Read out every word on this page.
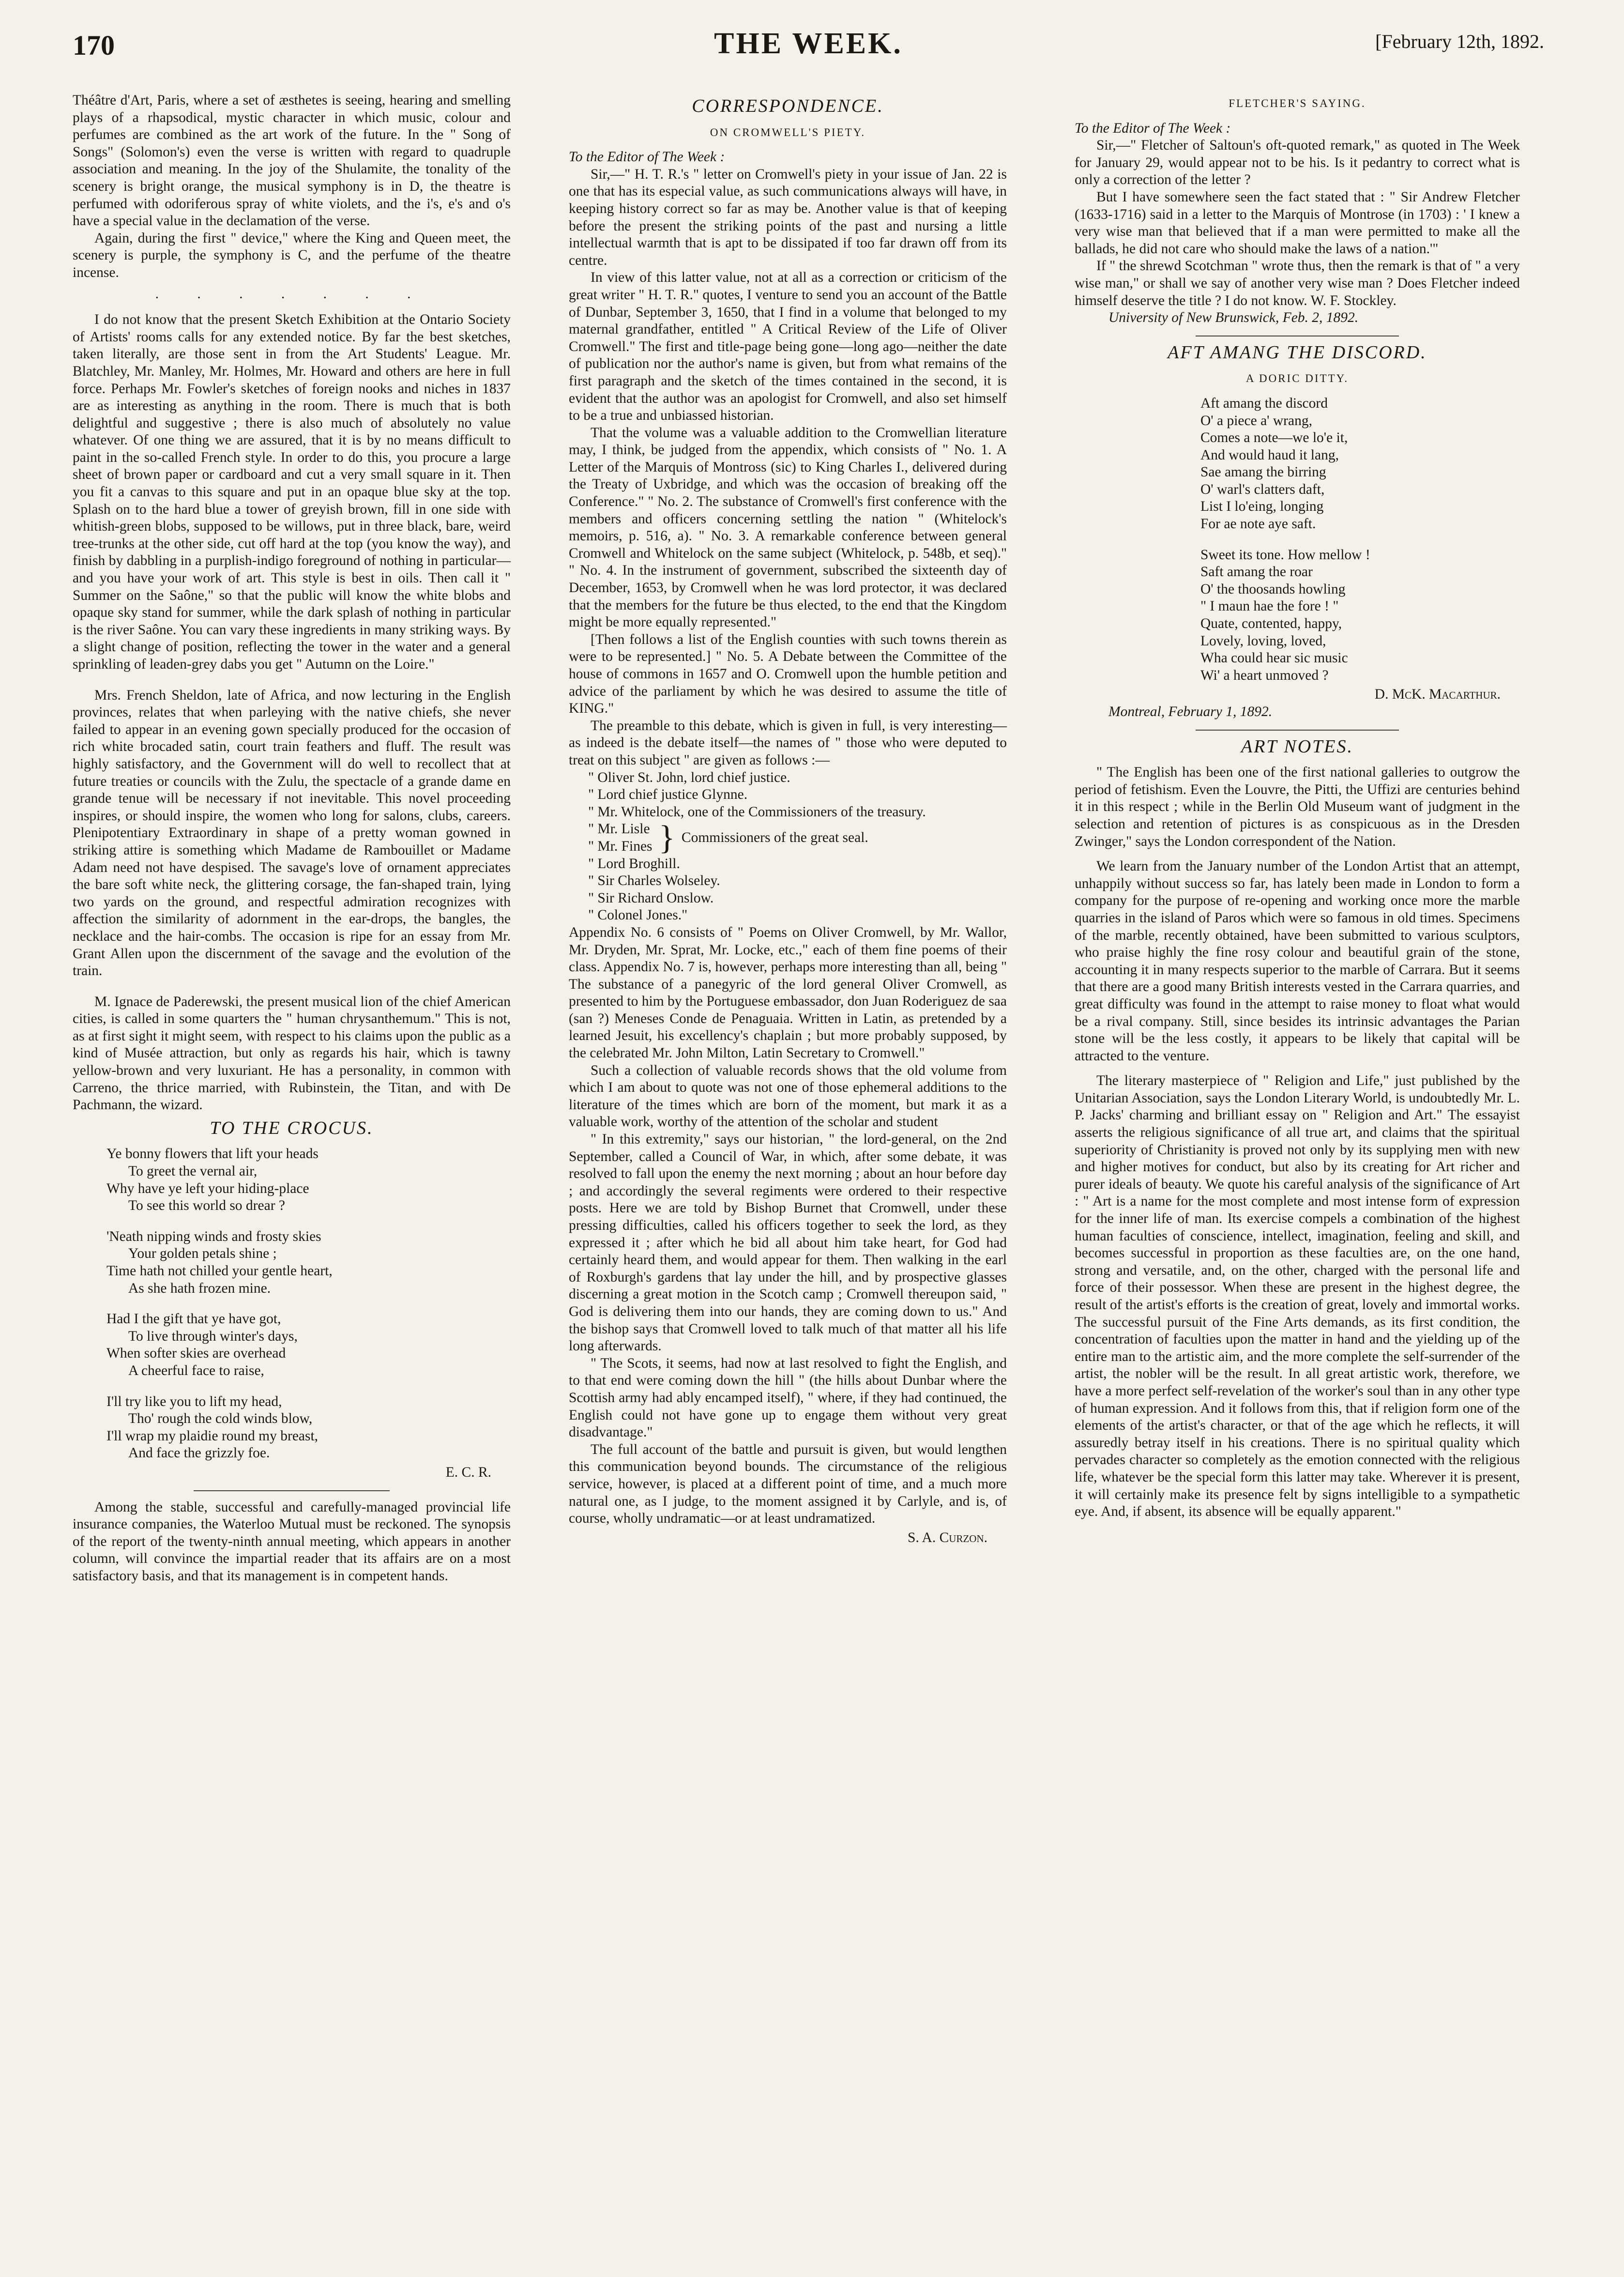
170	THE WEEK.	[February 12th, 1892.

Théâtre d'Art, Paris, where a set of æsthetes is seeing, hearing and smelling plays of a rhapsodical, mystic character in which music, colour and perfumes are combined as the art work of the future. In the " Song of Songs" (Solomon's) even the verse is written with regard to quadruple association and meaning. In the joy of the Shulamite, the tonality of the scenery is bright orange, the musical symphony is in D, the theatre is perfumed with odoriferous spray of white violets, and the i's, e's and o's have a special value in the declamation of the verse.

Again, during the first " device," where the King and Queen meet, the scenery is purple, the symphony is C, and the perfume of the theatre incense.

. . . . . . .

I do not know that the present Sketch Exhibition at the Ontario Society of Artists' rooms calls for any extended notice. By far the best sketches, taken literally, are those sent in from the Art Students' League. Mr. Blatchley, Mr. Manley, Mr. Holmes, Mr. Howard and others are here in full force. Perhaps Mr. Fowler's sketches of foreign nooks and niches in 1837 are as interesting as anything in the room. There is much that is both delightful and suggestive ; there is also much of absolutely no value whatever. Of one thing we are assured, that it is by no means difficult to paint in the so-called French style. In order to do this, you procure a large sheet of brown paper or cardboard and cut a very small square in it. Then you fit a canvas to this square and put in an opaque blue sky at the top. Splash on to the hard blue a tower of greyish brown, fill in one side with whitish-green blobs, supposed to be willows, put in three black, bare, weird tree-trunks at the other side, cut off hard at the top (you know the way), and finish by dabbling in a purplish-indigo foreground of nothing in particular—and you have your work of art. This style is best in oils. Then call it " Summer on the Saône," so that the public will know the white blobs and opaque sky stand for summer, while the dark splash of nothing in particular is the river Saône. You can vary these ingredients in many striking ways. By a slight change of position, reflecting the tower in the water and a general sprinkling of leaden-grey dabs you get " Autumn on the Loire."

Mrs. French Sheldon, late of Africa, and now lecturing in the English provinces, relates that when parleying with the native chiefs, she never failed to appear in an evening gown specially produced for the occasion of rich white brocaded satin, court train feathers and fluff. The result was highly satisfactory, and the Government will do well to recollect that at future treaties or councils with the Zulu, the spectacle of a grande dame en grande tenue will be necessary if not inevitable. This novel proceeding inspires, or should inspire, the women who long for salons, clubs, careers. Plenipotentiary Extraordinary in shape of a pretty woman gowned in striking attire is something which Madame de Rambouillet or Madame Adam need not have despised. The savage's love of ornament appreciates the bare soft white neck, the glittering corsage, the fan-shaped train, lying two yards on the ground, and respectful admiration recognizes with affection the similarity of adornment in the ear-drops, the bangles, the necklace and the hair-combs. The occasion is ripe for an essay from Mr. Grant Allen upon the discernment of the savage and the evolution of the train.

M. Ignace de Paderewski, the present musical lion of the chief American cities, is called in some quarters the " human chrysanthemum." This is not, as at first sight it might seem, with respect to his claims upon the public as a kind of Musée attraction, but only as regards his hair, which is tawny yellow-brown and very luxuriant. He has a personality, in common with Carreno, the thrice married, with Rubinstein, the Titan, and with De Pachmann, the wizard.

TO THE CROCUS.
Ye bonny flowers that lift your heads
To greet the vernal air,
Why have ye left your hiding-place
To see this world so drear ?
'Neath nipping winds and frosty skies
Your golden petals shine ;
Time hath not chilled your gentle heart,
As she hath frozen mine.
Had I the gift that ye have got,
To live through winter's days,
When softer skies are overhead
A cheerful face to raise,
I'll try like you to lift my head,
Tho' rough the cold winds blow,
I'll wrap my plaidie round my breast,
And face the grizzly foe.
E. C. R.

Among the stable, successful and carefully-managed provincial life insurance companies, the Waterloo Mutual must be reckoned. The synopsis of the report of the twenty-ninth annual meeting, which appears in another column, will convince the impartial reader that its affairs are on a most satisfactory basis, and that its management is in competent hands.

CORRESPONDENCE.
ON CROMWELL'S PIETY.

To the Editor of The Week :

Sir,—" H. T. R.'s " letter on Cromwell's piety in your issue of Jan. 22 is one that has its especial value, as such communications always will have, in keeping history correct so far as may be. Another value is that of keeping before the present the striking points of the past and nursing a little intellectual warmth that is apt to be dissipated if too far drawn off from its centre.

In view of this latter value, not at all as a correction or criticism of the great writer " H. T. R." quotes, I venture to send you an account of the Battle of Dunbar, September 3, 1650, that I find in a volume that belonged to my maternal grandfather, entitled " A Critical Review of the Life of Oliver Cromwell." The first and title-page being gone—long ago—neither the date of publication nor the author's name is given, but from what remains of the first paragraph and the sketch of the times contained in the second, it is evident that the author was an apologist for Cromwell, and also set himself to be a true and unbiassed historian.

That the volume was a valuable addition to the Cromwellian literature may, I think, be judged from the appendix, which consists of " No. 1. A Letter of the Marquis of Montross (sic) to King Charles I., delivered during the Treaty of Uxbridge, and which was the occasion of breaking off the Conference." " No. 2. The substance of Cromwell's first conference with the members and officers concerning settling the nation " (Whitelock's memoirs, p. 516, a). " No. 3. A remarkable conference between general Cromwell and Whitelock on the same subject (Whitelock, p. 548b, et seq)." " No. 4. In the instrument of government, subscribed the sixteenth day of December, 1653, by Cromwell when he was lord protector, it was declared that the members for the future be thus elected, to the end that the Kingdom might be more equally represented."

[Then follows a list of the English counties with such towns therein as were to be represented.] " No. 5. A Debate between the Committee of the house of commons in 1657 and O. Cromwell upon the humble petition and advice of the parliament by which he was desired to assume the title of KING."

The preamble to this debate, which is given in full, is very interesting—as indeed is the debate itself—the names of " those who were deputed to treat on this subject " are given as follows :—

" Oliver St. John, lord chief justice.
" Lord chief justice Glynne.
" Mr. Whitelock, one of the Commissioners of the treasury.
" Mr. Lisle
" Mr. Fines } Commissioners of the great seal.
" Lord Broghill.
" Sir Charles Wolseley.
" Sir Richard Onslow.
" Colonel Jones."

Appendix No. 6 consists of " Poems on Oliver Cromwell, by Mr. Wallor, Mr. Dryden, Mr. Sprat, Mr. Locke, etc.," each of them fine poems of their class. Appendix No. 7 is, however, perhaps more interesting than all, being " The substance of a panegyric of the lord general Oliver Cromwell, as presented to him by the Portuguese embassador, don Juan Roderiguez de saa (san ?) Meneses Conde de Penaguaia. Written in Latin, as pretended by a learned Jesuit, his excellency's chaplain ; but more probably supposed, by the celebrated Mr. John Milton, Latin Secretary to Cromwell."

Such a collection of valuable records shows that the old volume from which I am about to quote was not one of those ephemeral additions to the literature of the times which are born of the moment, but mark it as a valuable work, worthy of the attention of the scholar and student

" In this extremity," says our historian, " the lord-general, on the 2nd September, called a Council of War, in which, after some debate, it was resolved to fall upon the enemy the next morning ; about an hour before day ; and accordingly the several regiments were ordered to their respective posts. Here we are told by Bishop Burnet that Cromwell, under these pressing difficulties, called his officers together to seek the lord, as they expressed it ; after which he bid all about him take heart, for God had certainly heard them, and would appear for them. Then walking in the earl of Roxburgh's gardens that lay under the hill, and by prospective glasses discerning a great motion in the Scotch camp ; Cromwell thereupon said, " God is delivering them into our hands, they are coming down to us." And the bishop says that Cromwell loved to talk much of that matter all his life long afterwards.

" The Scots, it seems, had now at last resolved to fight the English, and to that end were coming down the hill " (the hills about Dunbar where the Scottish army had ably encamped itself), " where, if they had continued, the English could not have gone up to engage them without very great disadvantage."

The full account of the battle and pursuit is given, but would lengthen this communication beyond bounds. The circumstance of the religious service, however, is placed at a different point of time, and a much more natural one, as I judge, to the moment assigned it by Carlyle, and is, of course, wholly undramatic—or at least undramatized.

S. A. Curzon.
FLETCHER'S SAYING.

To the Editor of The Week :

Sir,—" Fletcher of Saltoun's oft-quoted remark," as quoted in The Week for January 29, would appear not to be his. Is it pedantry to correct what is only a correction of the letter ?

But I have somewhere seen the fact stated that : " Sir Andrew Fletcher (1633-1716) said in a letter to the Marquis of Montrose (in 1703) : ' I knew a very wise man that believed that if a man were permitted to make all the ballads, he did not care who should make the laws of a nation.'"

If " the shrewd Scotchman " wrote thus, then the remark is that of " a very wise man," or shall we say of another very wise man ? Does Fletcher indeed himself deserve the title ? I do not know. W. F. Stockley.

University of New Brunswick, Feb. 2, 1892.

AFT AMANG THE DISCORD.
A DORIC DITTY.
Aft amang the discord
O' a piece a' wrang,
Comes a note—we lo'e it,
And would haud it lang,
Sae amang the birring
O' warl's clatters daft,
List I lo'eing, longing
For ae note aye saft.
Sweet its tone. How mellow !
Saft amang the roar
O' the thoosands howling
" I maun hae the fore ! "
Quate, contented, happy,
Lovely, loving, loved,
Wha could hear sic music
Wi' a heart unmoved ?
D. McK. Macarthur.

Montreal, February 1, 1892.

ART NOTES.

" The English has been one of the first national galleries to outgrow the period of fetishism. Even the Louvre, the Pitti, the Uffizi are centuries behind it in this respect ; while in the Berlin Old Museum want of judgment in the selection and retention of pictures is as conspicuous as in the Dresden Zwinger," says the London correspondent of the Nation.

We learn from the January number of the London Artist that an attempt, unhappily without success so far, has lately been made in London to form a company for the purpose of re-opening and working once more the marble quarries in the island of Paros which were so famous in old times. Specimens of the marble, recently obtained, have been submitted to various sculptors, who praise highly the fine rosy colour and beautiful grain of the stone, accounting it in many respects superior to the marble of Carrara. But it seems that there are a good many British interests vested in the Carrara quarries, and great difficulty was found in the attempt to raise money to float what would be a rival company. Still, since besides its intrinsic advantages the Parian stone will be the less costly, it appears to be likely that capital will be attracted to the venture.

The literary masterpiece of " Religion and Life," just published by the Unitarian Association, says the London Literary World, is undoubtedly Mr. L. P. Jacks' charming and brilliant essay on " Religion and Art." The essayist asserts the religious significance of all true art, and claims that the spiritual superiority of Christianity is proved not only by its supplying men with new and higher motives for conduct, but also by its creating for Art richer and purer ideals of beauty. We quote his careful analysis of the significance of Art : " Art is a name for the most complete and most intense form of expression for the inner life of man. Its exercise compels a combination of the highest human faculties of conscience, intellect, imagination, feeling and skill, and becomes successful in proportion as these faculties are, on the one hand, strong and versatile, and, on the other, charged with the personal life and force of their possessor. When these are present in the highest degree, the result of the artist's efforts is the creation of great, lovely and immortal works. The successful pursuit of the Fine Arts demands, as its first condition, the concentration of faculties upon the matter in hand and the yielding up of the entire man to the artistic aim, and the more complete the self-surrender of the artist, the nobler will be the result. In all great artistic work, therefore, we have a more perfect self-revelation of the worker's soul than in any other type of human expression. And it follows from this, that if religion form one of the elements of the artist's character, or that of the age which he reflects, it will assuredly betray itself in his creations. There is no spiritual quality which pervades character so completely as the emotion connected with the religious life, whatever be the special form this latter may take. Wherever it is present, it will certainly make its presence felt by signs intelligible to a sympathetic eye. And, if absent, its absence will be equally apparent."
